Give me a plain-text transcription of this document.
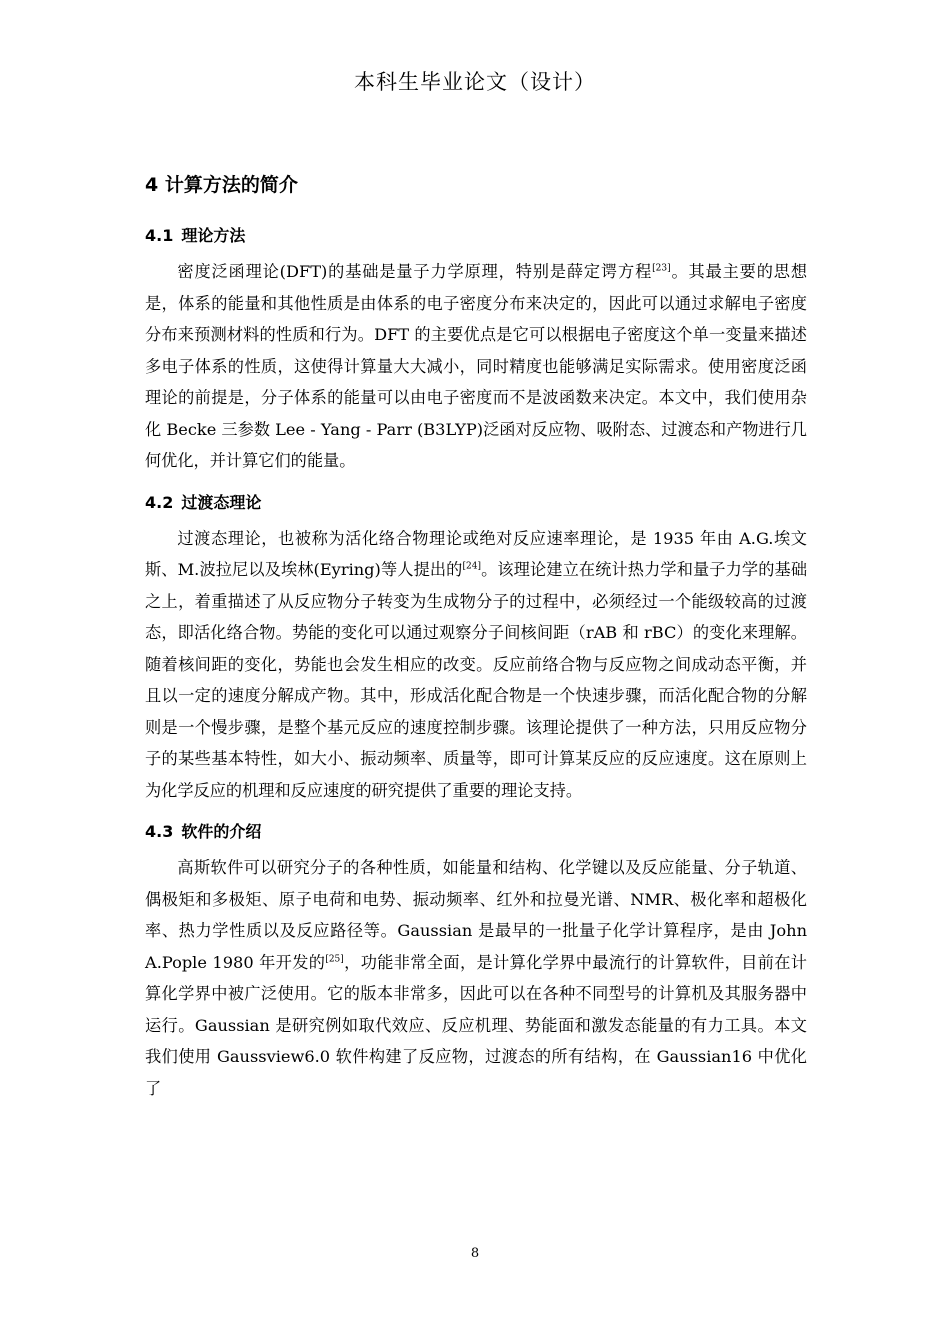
本科生毕业论文（设计）
4 计算方法的简介
4.1 理论方法

密度泛函理论(DFT)的基础是量子力学原理，特别是薛定谔方程[23]。其最主要的思想是，体系的能量和其他性质是由体系的电子密度分布来决定的，因此可以通过求解电子密度分布来预测材料的性质和行为。DFT 的主要优点是它可以根据电子密度这个单一变量来描述多电子体系的性质，这使得计算量大大减小，同时精度也能够满足实际需求。使用密度泛函理论的前提是，分子体系的能量可以由电子密度而不是波函数来决定。本文中，我们使用杂化 Becke 三参数 Lee - Yang - Parr (B3LYP)泛函对反应物、吸附态、过渡态和产物进行几何优化，并计算它们的能量。

4.2 过渡态理论

过渡态理论，也被称为活化络合物理论或绝对反应速率理论，是 1935 年由 A.G.埃文斯、M.波拉尼以及埃林(Eyring)等人提出的[24]。该理论建立在统计热力学和量子力学的基础之上，着重描述了从反应物分子转变为生成物分子的过程中，必须经过一个能级较高的过渡态，即活化络合物。势能的变化可以通过观察分子间核间距（rAB 和 rBC）的变化来理解。随着核间距的变化，势能也会发生相应的改变。反应前络合物与反应物之间成动态平衡，并且以一定的速度分解成产物。其中，形成活化配合物是一个快速步骤，而活化配合物的分解则是一个慢步骤，是整个基元反应的速度控制步骤。该理论提供了一种方法，只用反应物分子的某些基本特性，如大小、振动频率、质量等，即可计算某反应的反应速度。这在原则上为化学反应的机理和反应速度的研究提供了重要的理论支持。

4.3 软件的介绍

高斯软件可以研究分子的各种性质，如能量和结构、化学键以及反应能量、分子轨道、偶极矩和多极矩、原子电荷和电势、振动频率、红外和拉曼光谱、NMR、极化率和超极化率、热力学性质以及反应路径等。Gaussian 是最早的一批量子化学计算程序，是由 John A.Pople 1980 年开发的[25]，功能非常全面，是计算化学界中最流行的计算软件，目前在计算化学界中被广泛使用。它的版本非常多，因此可以在各种不同型号的计算机及其服务器中运行。Gaussian 是研究例如取代效应、反应机理、势能面和激发态能量的有力工具。本文我们使用 Gaussview6.0 软件构建了反应物，过渡态的所有结构，在 Gaussian16 中优化了

8
